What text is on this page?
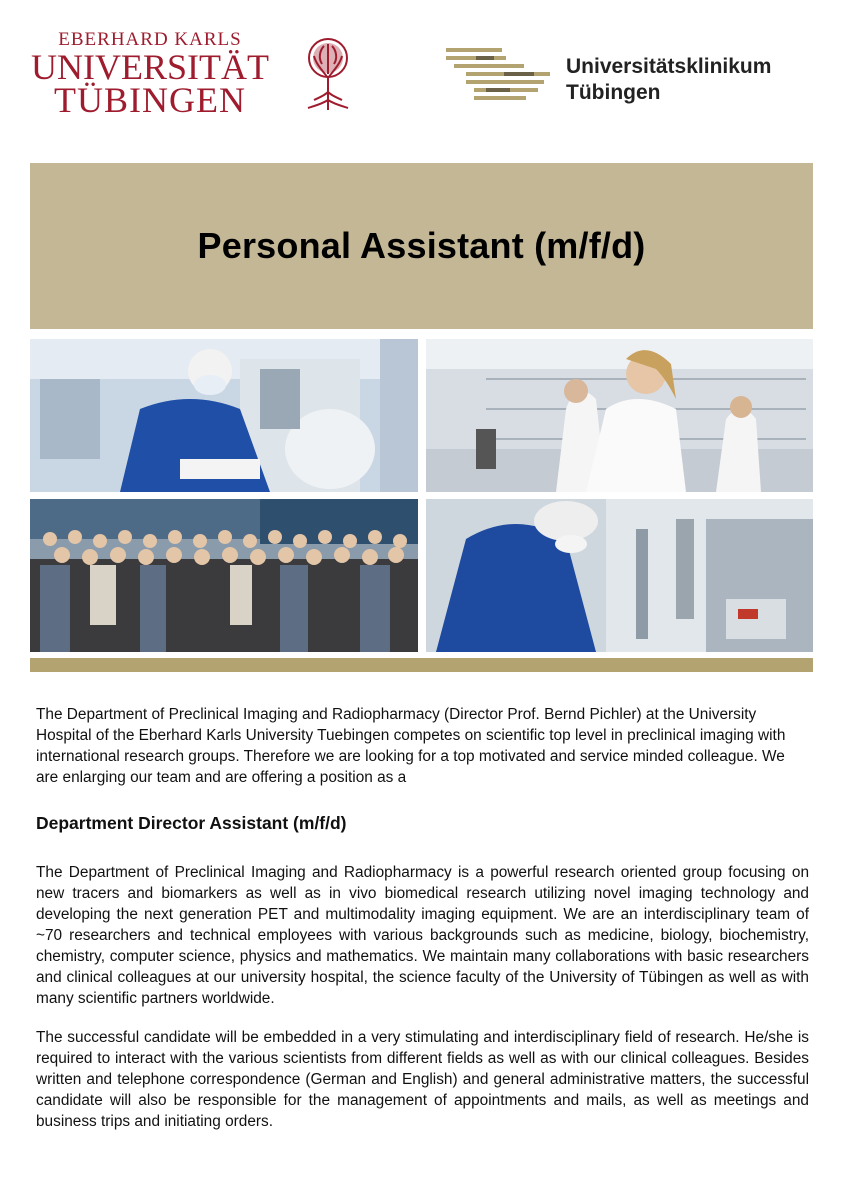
EBERHARD KARLS
UNIVERSITÄT
TÜBINGEN
Universitätsklinikum
Tübingen
Personal Assistant (m/f/d)

The Department of Preclinical Imaging and Radiopharmacy (Director Prof. Bernd Pichler) at the University Hospital of the Eberhard Karls University Tuebingen competes on scientific top level in preclinical imaging with international research groups. Therefore we are looking for a top motivated and service minded colleague. We are enlarging our team and are offering a position as a

Department Director Assistant (m/f/d)

The Department of Preclinical Imaging and Radiopharmacy is a powerful research oriented group focusing on new tracers and biomarkers as well as in vivo biomedical research utilizing novel imaging technology and developing the next generation PET and multimodality imaging equipment. We are an interdisciplinary team of ~70 researchers and technical employees with various backgrounds such as medicine, biology, biochemistry, chemistry, computer science, physics and mathematics. We maintain many collaborations with basic researchers and clinical colleagues at our university hospital, the science faculty of the University of Tübingen as well as with many scientific partners worldwide.

The successful candidate will be embedded in a very stimulating and interdisciplinary field of research. He/she is required to interact with the various scientists from different fields as well as with our clinical colleagues. Besides written and telephone correspondence (German and English) and general administrative matters, the successful candidate will also be responsible for the management of appointments and mails, as well as meetings and business trips and initiating orders.
